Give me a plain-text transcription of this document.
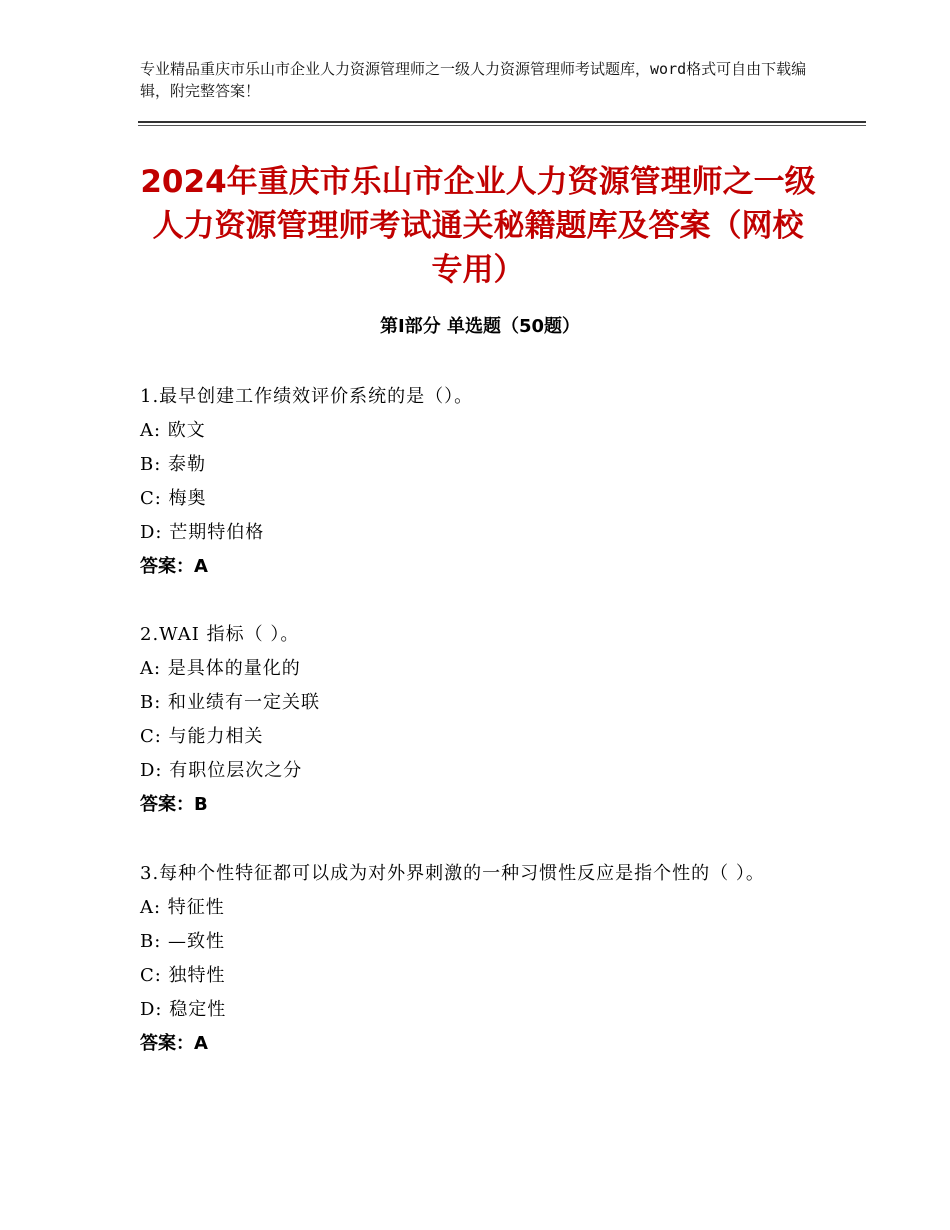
专业精品重庆市乐山市企业人力资源管理师之一级人力资源管理师考试题库，word格式可自由下载编辑，附完整答案！
2024年重庆市乐山市企业人力资源管理师之一级人力资源管理师考试通关秘籍题库及答案（网校专用）
第Ⅰ部分 单选题（50题）

1.最早创建工作绩效评价系统的是（）。

A: 欧文

B: 泰勒

C: 梅奥

D: 芒期特伯格

答案：A

2.WAI 指标（ ）。

A: 是具体的量化的

B: 和业绩有一定关联

C: 与能力相关

D: 有职位层次之分

答案：B

3.每种个性特征都可以成为对外界刺激的一种习惯性反应是指个性的（ ）。

A: 特征性

B: —致性

C: 独特性

D: 稳定性

答案：A
